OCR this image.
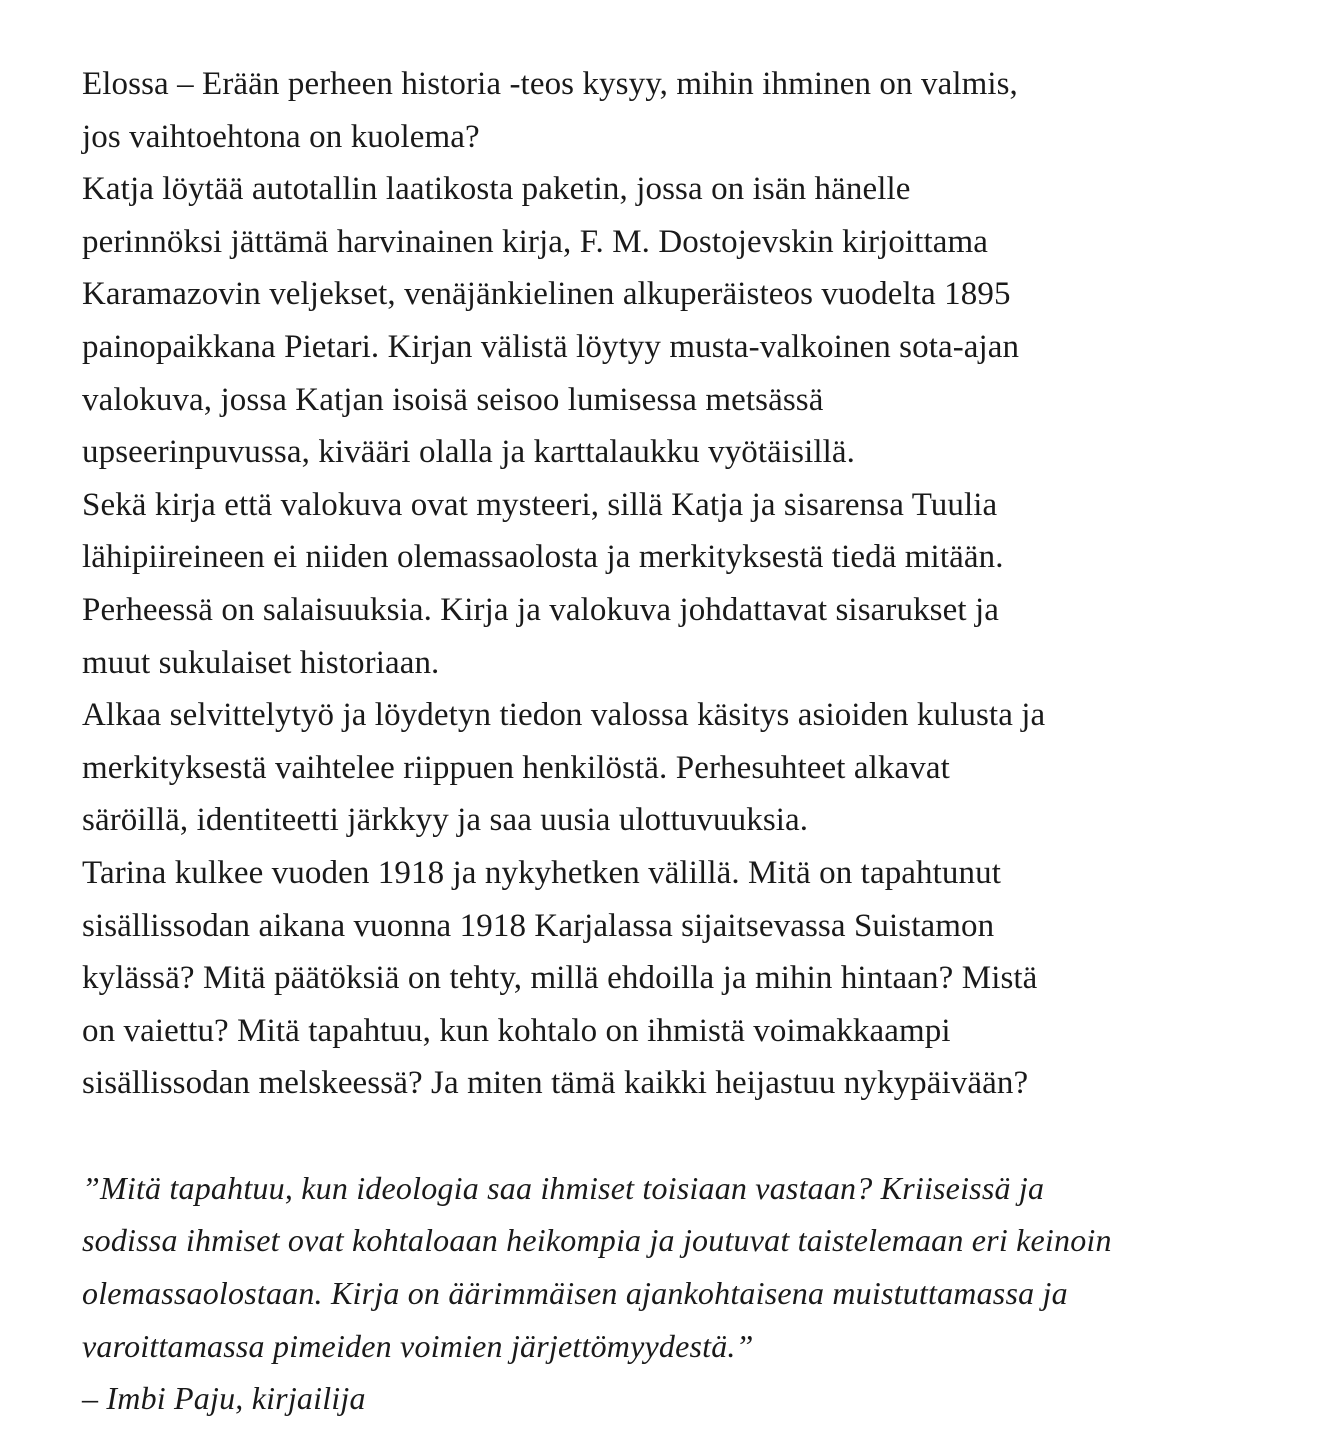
Elossa – Erään perheen historia -teos kysyy, mihin ihminen on valmis,
jos vaihtoehtona on kuolema?
Katja löytää autotallin laatikosta paketin, jossa on isän hänelle
perinnöksi jättämä harvinainen kirja, F. M. Dostojevskin kirjoittama
Karamazovin veljekset, venäjänkielinen alkuperäisteos vuodelta 1895
painopaikkana Pietari. Kirjan välistä löytyy musta-valkoinen sota-ajan
valokuva, jossa Katjan isoisä seisoo lumisessa metsässä
upseerinpuvussa, kivääri olalla ja karttalaukku vyötäisillä.
Sekä kirja että valokuva ovat mysteeri, sillä Katja ja sisarensa Tuulia
lähipiireineen ei niiden olemassaolosta ja merkityksestä tiedä mitään.
Perheessä on salaisuuksia. Kirja ja valokuva johdattavat sisarukset ja
muut sukulaiset historiaan.
Alkaa selvittelytyö ja löydetyn tiedon valossa käsitys asioiden kulusta ja
merkityksestä vaihtelee riippuen henkilöstä. Perhesuhteet alkavat
säröillä, identiteetti järkkyy ja saa uusia ulottuvuuksia.
Tarina kulkee vuoden 1918 ja nykyhetken välillä. Mitä on tapahtunut
sisällissodan aikana vuonna 1918 Karjalassa sijaitsevassa Suistamon
kylässä? Mitä päätöksiä on tehty, millä ehdoilla ja mihin hintaan? Mistä
on vaiettu? Mitä tapahtuu, kun kohtalo on ihmistä voimakkaampi
sisällissodan melskeessä? Ja miten tämä kaikki heijastuu nykypäivään?
”Mitä tapahtuu, kun ideologia saa ihmiset toisiaan vastaan? Kriiseissä ja
sodissa ihmiset ovat kohtaloaan heikompia ja joutuvat taistelemaan eri keinoin
olemassaolostaan. Kirja on äärimmäisen ajankohtaisena muistuttamassa ja
varoittamassa pimeiden voimien järjettömyydestä.”
– Imbi Paju, kirjailija
